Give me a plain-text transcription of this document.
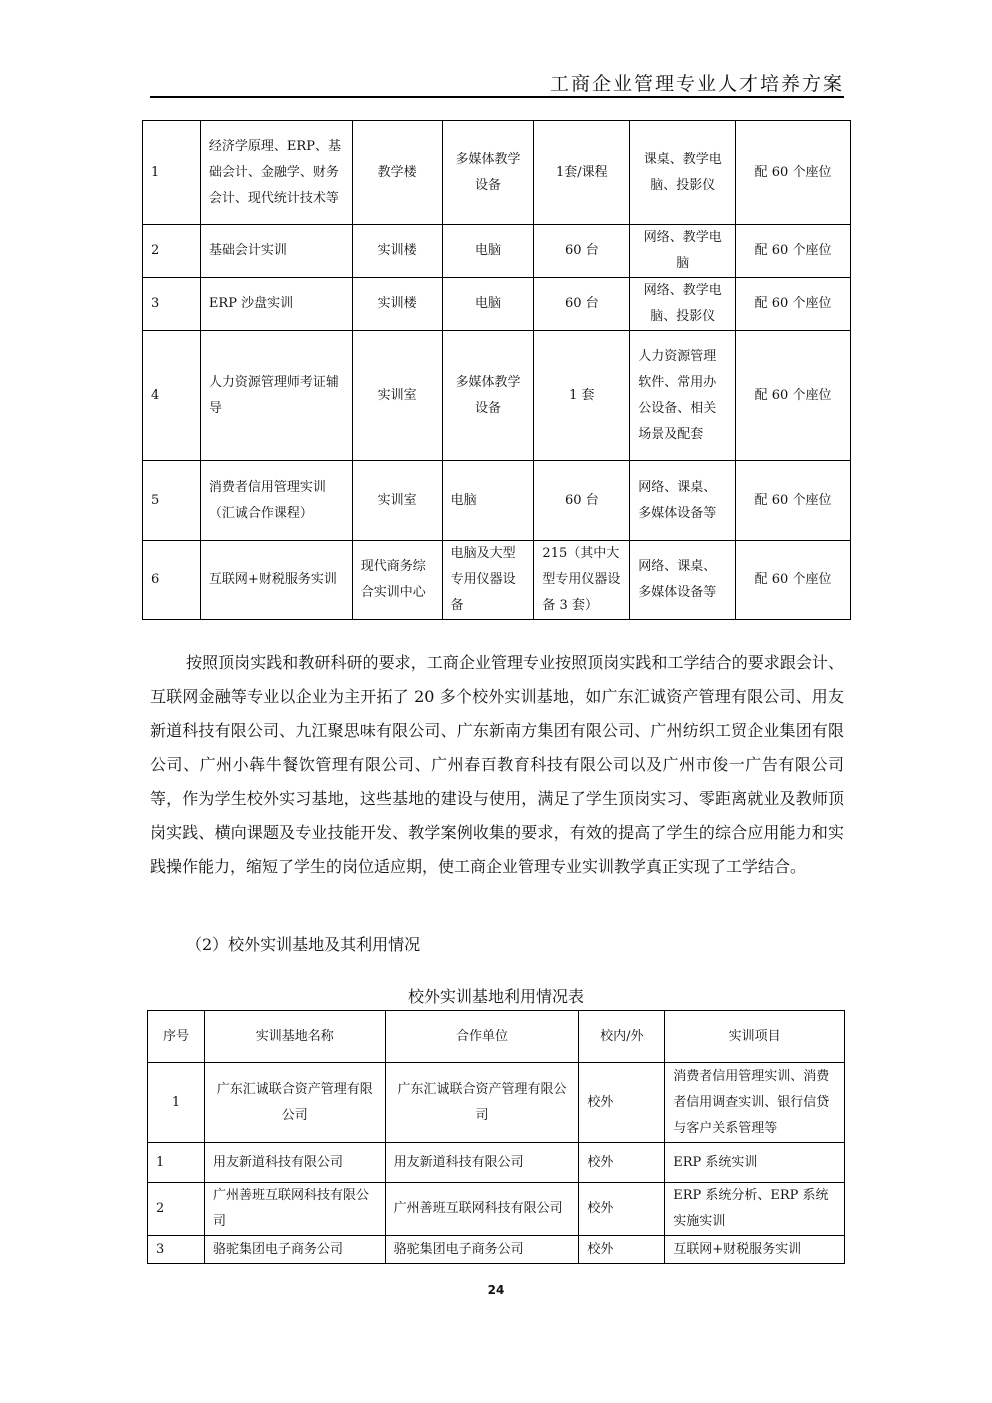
工商企业管理专业人才培养方案
1	经济学原理、ERP、基础会计、金融学、财务会计、现代统计技术等	教学楼	多媒体教学设备	1套/课程	课桌、教学电脑、投影仪	配 60 个座位
2	基础会计实训	实训楼	电脑	60 台	网络、教学电脑	配 60 个座位
3	ERP 沙盘实训	实训楼	电脑	60 台	网络、教学电脑、投影仪	配 60 个座位
4	人力资源管理师考证辅导	实训室	多媒体教学设备	1 套	人力资源管理软件、常用办公设备、相关场景及配套	配 60 个座位
5	消费者信用管理实训（汇诚合作课程）	实训室	电脑	60 台	网络、课桌、多媒体设备等	配 60 个座位
6	互联网+财税服务实训	现代商务综合实训中心	电脑及大型专用仪器设备	215（其中大型专用仪器设备 3 套）	网络、课桌、多媒体设备等	配 60 个座位
按照顶岗实践和教研科研的要求，工商企业管理专业按照顶岗实践和工学结合的要求跟会计、互联网金融等专业以企业为主开拓了 20 多个校外实训基地，如广东汇诚资产管理有限公司、用友新道科技有限公司、九江聚思味有限公司、广东新南方集团有限公司、广州纺织工贸企业集团有限公司、广州小犇牛餐饮管理有限公司、广州春百教育科技有限公司以及广州市俊一广告有限公司等，作为学生校外实习基地，这些基地的建设与使用，满足了学生顶岗实习、零距离就业及教师顶岗实践、横向课题及专业技能开发、教学案例收集的要求，有效的提高了学生的综合应用能力和实践操作能力，缩短了学生的岗位适应期，使工商企业管理专业实训教学真正实现了工学结合。
（2）校外实训基地及其利用情况
校外实训基地利用情况表
序号	实训基地名称	合作单位	校内/外	实训项目
1	广东汇诚联合资产管理有限公司	广东汇诚联合资产管理有限公司	校外	消费者信用管理实训、消费者信用调查实训、银行信贷与客户关系管理等
1	用友新道科技有限公司	用友新道科技有限公司	校外	ERP 系统实训
2	广州善班互联网科技有限公司	广州善班互联网科技有限公司	校外	ERP 系统分析、ERP 系统实施实训
3	骆驼集团电子商务公司	骆驼集团电子商务公司	校外	互联网+财税服务实训
24
